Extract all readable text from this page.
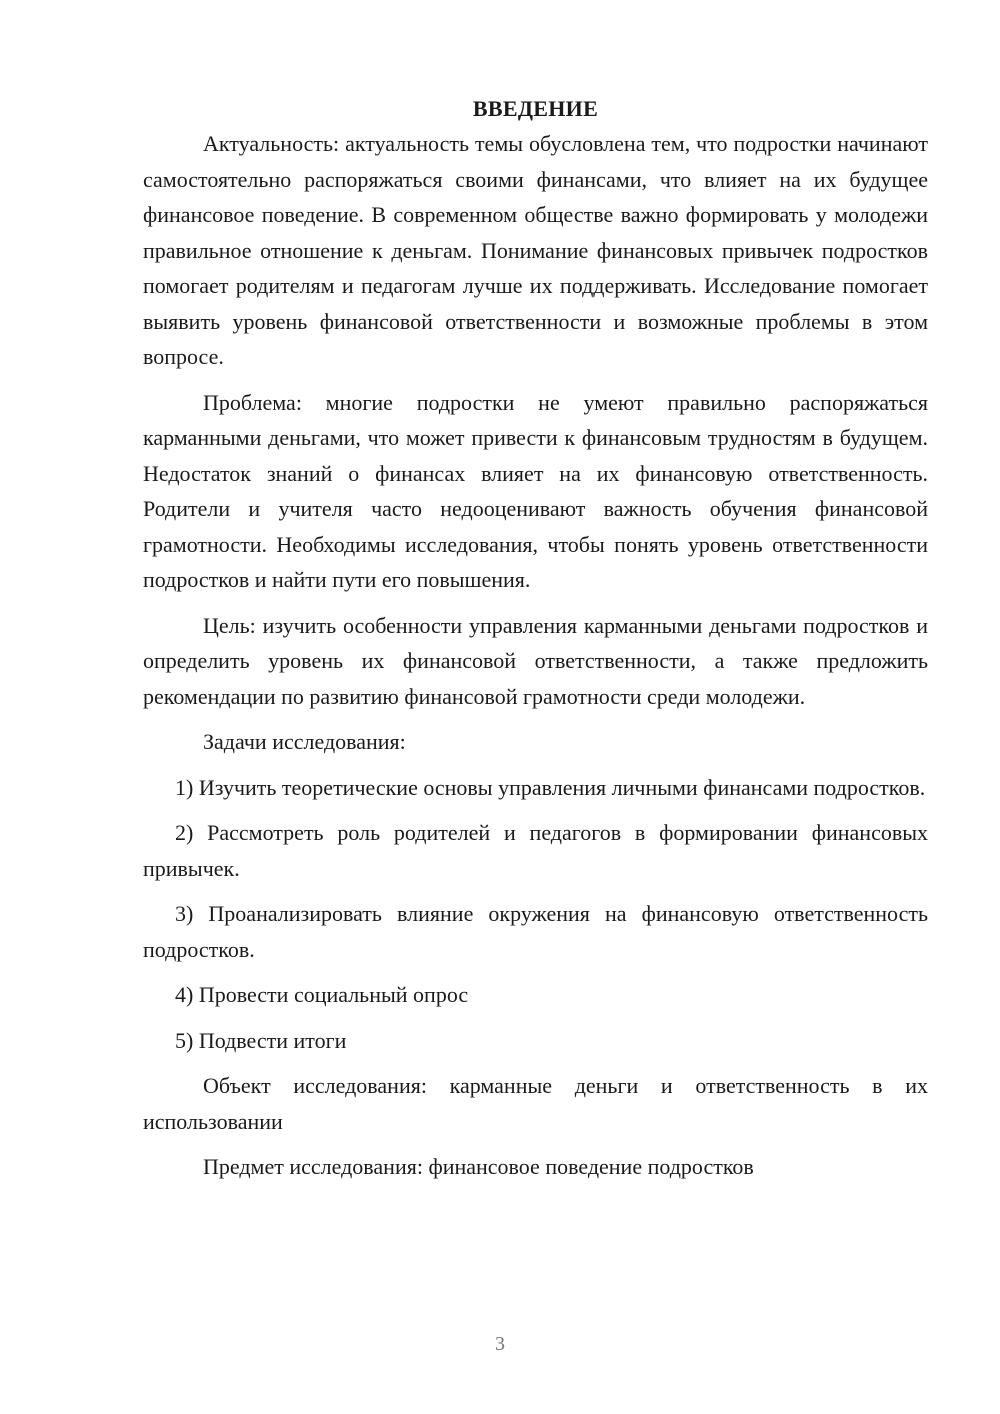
ВВЕДЕНИЕ

Актуальность: актуальность темы обусловлена тем, что подростки начинают самостоятельно распоряжаться своими финансами, что влияет на их будущее финансовое поведение. В современном обществе важно формировать у молодежи правильное отношение к деньгам. Понимание финансовых привычек подростков помогает родителям и педагогам лучше их поддерживать. Исследование помогает выявить уровень финансовой ответственности и возможные проблемы в этом вопросе.

Проблема: многие подростки не умеют правильно распоряжаться карманными деньгами, что может привести к финансовым трудностям в будущем. Недостаток знаний о финансах влияет на их финансовую ответственность. Родители и учителя часто недооценивают важность обучения финансовой грамотности. Необходимы исследования, чтобы понять уровень ответственности подростков и найти пути его повышения.

Цель: изучить особенности управления карманными деньгами подростков и определить уровень их финансовой ответственности, а также предложить рекомендации по развитию финансовой грамотности среди молодежи.

Задачи исследования:

1) Изучить теоретические основы управления личными финансами подростков.

2) Рассмотреть роль родителей и педагогов в формировании финансовых привычек.

3) Проанализировать влияние окружения на финансовую ответственность подростков.

4) Провести социальный опрос

5) Подвести итоги

Объект исследования: карманные деньги и ответственность в их использовании

Предмет исследования: финансовое поведение подростков

3
